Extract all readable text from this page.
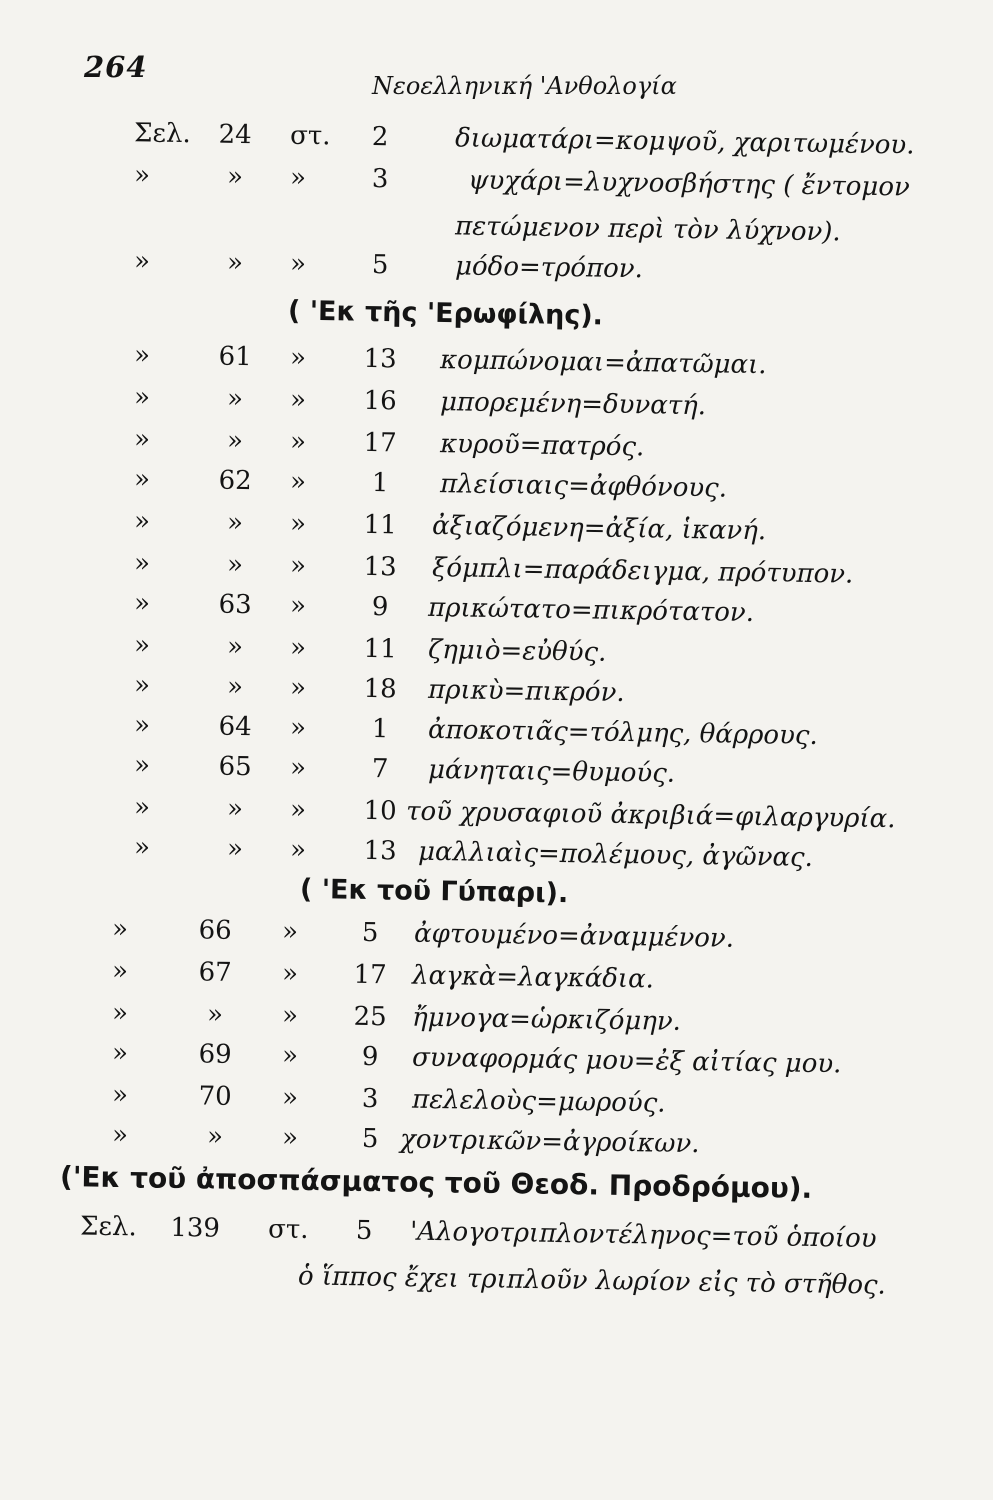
264
Νεοελληνική 'Ανθολογία
Σελ.	24	στ.	2	διωματάρι=κομψοῦ, χαριτωμένου.
»	»	»	3	ψυχάρι=λυχνοσβήστης ( ἔντομον
πετώμενον περὶ τὸν λύχνον).
»	»	»	5	μόδο=τρόπον.
( 'Εκ τῆς 'Ερωφίλης).
»	61	»	13	κομπώνομαι=ἀπατῶμαι.
»	»	»	16	μπορεμένη=δυνατή.
»	»	»	17	κυροῦ=πατρός.
»	62	»	1	πλείσιαις=ἀφθόνους.
»	»	»	11	ἀξιαζόμενη=ἀξία, ἱκανή.
»	»	»	13	ξόμπλι=παράδειγμα, πρότυπον.
»	63	»	9	πρικώτατο=πικρότατον.
»	»	»	11	ζημιὸ=εὐθύς.
»	»	»	18	πρικὺ=πικρόν.
»	64	»	1	ἀποκοτιᾶς=τόλμης, θάρρους.
»	65	»	7	μάνηταις=θυμούς.
»	»	»	10 τοῦ χρυσαφιοῦ ἀκριβιά=φιλαργυρία.
»	»	»	13 μαλλιαὶς=πολέμους, ἀγῶνας.
( 'Εκ τοῦ Γύπαρι).
»	66	»	5	ἀφτουμένο=ἀναμμένον.
»	67	»	17 λαγκὰ=λαγκάδια.
»	»	»	25 ἤμνογα=ὡρκιζόμην.
»	69	»	9	συναφορμάς μου=ἐξ αἰτίας μου.
»	70	»	3	πελελοὺς=μωρούς.
»	»	»	5 χοντρικῶν=ἀγροίκων.
('Εκ τοῦ ἀποσπάσματος τοῦ Θεοδ. Προδρόμου).
Σελ.	139	στ.	5	'Αλογοτριπλοντέληνος=τοῦ ὁποίου
ὁ ἵππος ἔχει τριπλοῦν λωρίον εἰς τὸ στῆθος.
